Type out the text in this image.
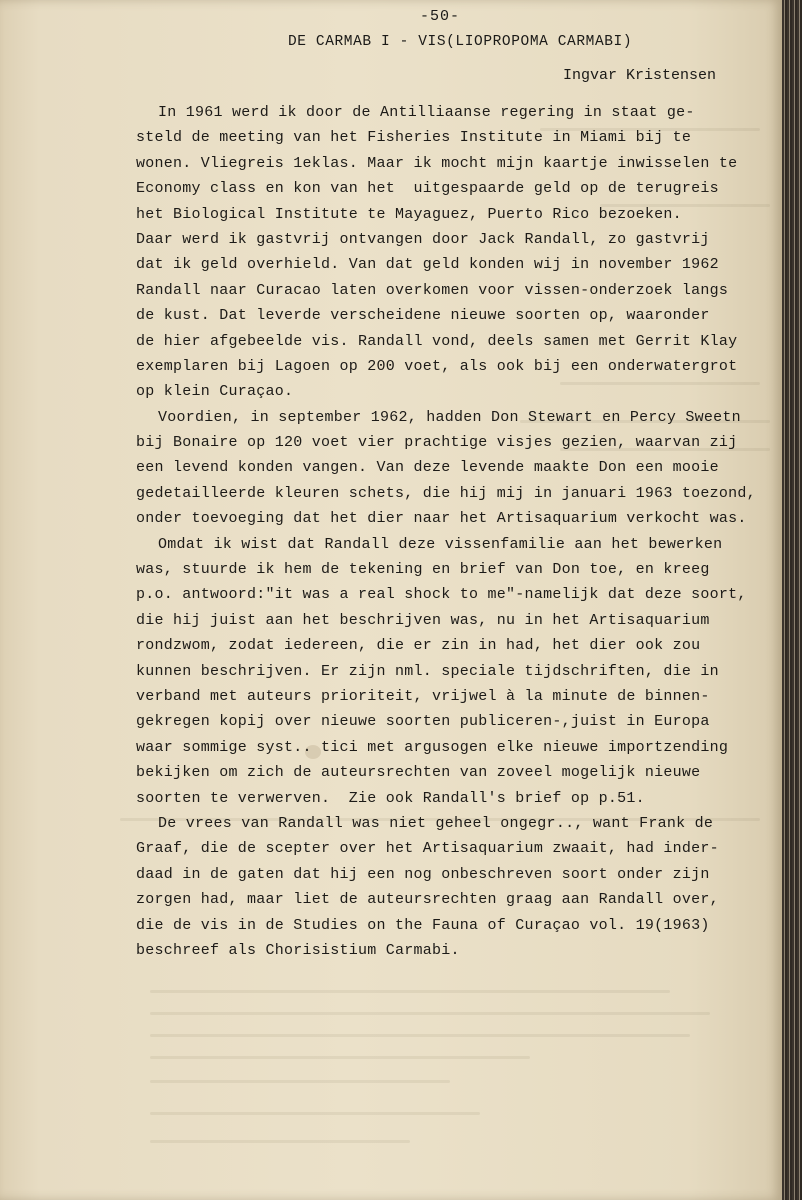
-50-
DE CARMAB I - VIS(LIOPROPOMA CARMABI)
Ingvar Kristensen
In 1961 werd ik door de Antilliaanse regering in staat ge-
steld de meeting van het Fisheries Institute in Miami bij te
wonen. Vliegreis 1eklas. Maar ik mocht mijn kaartje inwisselen te
Economy class en kon van het  uitgespaarde geld op de terugreis
het Biological Institute te Mayaguez, Puerto Rico bezoeken.
Daar werd ik gastvrij ontvangen door Jack Randall, zo gastvrij
dat ik geld overhield. Van dat geld konden wij in november 1962
Randall naar Curacao laten overkomen voor vissen-onderzoek langs
de kust. Dat leverde verscheidene nieuwe soorten op, waaronder
de hier afgebeelde vis. Randall vond, deels samen met Gerrit Klay
exemplaren bij Lagoen op 200 voet, als ook bij een onderwatergrot
op klein Curaçao.
Voordien, in september 1962, hadden Don Stewart en Percy Sweetn
bij Bonaire op 120 voet vier prachtige visjes gezien, waarvan zij
een levend konden vangen. Van deze levende maakte Don een mooie
gedetailleerde kleuren schets, die hij mij in januari 1963 toezond,
onder toevoeging dat het dier naar het Artisaquarium verkocht was.
Omdat ik wist dat Randall deze vissenfamilie aan het bewerken
was, stuurde ik hem de tekening en brief van Don toe, en kreeg
p.o. antwoord:"it was a real shock to me"-namelijk dat deze soort,
die hij juist aan het beschrijven was, nu in het Artisaquarium
rondzwom, zodat iedereen, die er zin in had, het dier ook zou
kunnen beschrijven. Er zijn nml. speciale tijdschriften, die in
verband met auteurs prioriteit, vrijwel à la minute de binnen-
gekregen kopij over nieuwe soorten publiceren-,juist in Europa
waar sommige syst.. tici met argusogen elke nieuwe importzending
bekijken om zich de auteursrechten van zoveel mogelijk nieuwe
soorten te verwerven.  Zie ook Randall's brief op p.51.
De vrees van Randall was niet geheel ongegr.., want Frank de
Graaf, die de scepter over het Artisaquarium zwaait, had inder-
daad in de gaten dat hij een nog onbeschreven soort onder zijn
zorgen had, maar liet de auteursrechten graag aan Randall over,
die de vis in de Studies on the Fauna of Curaçao vol. 19(1963)
beschreef als Chorisistium Carmabi.
